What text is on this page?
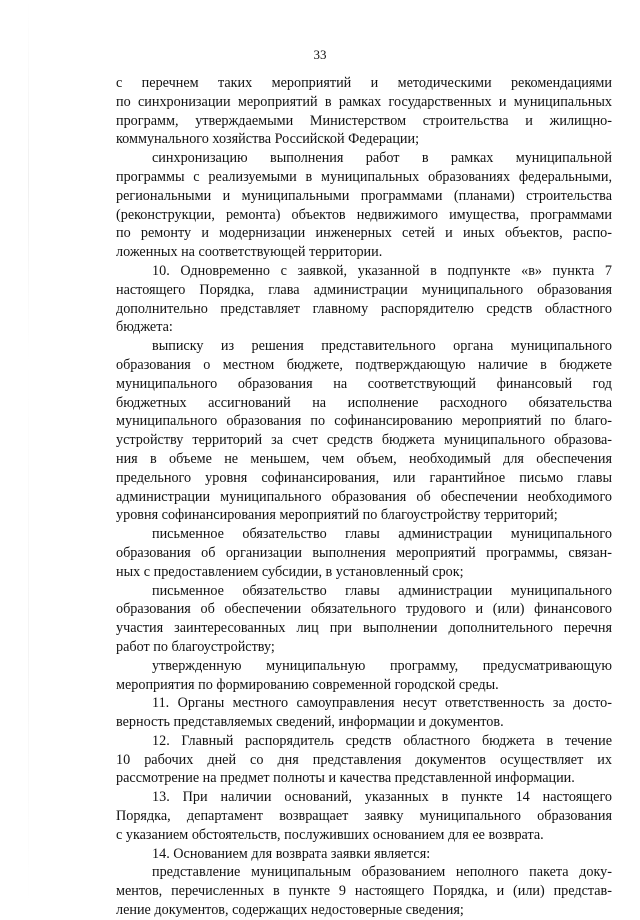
33
с перечнем таких мероприятий и методическими рекомендациями
по синхронизации мероприятий в рамках государственных и муниципальных
программ, утверждаемыми Министерством строительства и жилищно-
коммунального хозяйства Российской Федерации;
синхронизацию выполнения работ в рамках муниципальной
программы с реализуемыми в муниципальных образованиях федеральными,
региональными и муниципальными программами (планами) строительства
(реконструкции, ремонта) объектов недвижимого имущества, программами
по ремонту и модернизации инженерных сетей и иных объектов, распо-
ложенных на соответствующей территории.
10. Одновременно с заявкой, указанной в подпункте «в» пункта 7
настоящего Порядка, глава администрации муниципального образования
дополнительно представляет главному распорядителю средств областного
бюджета:
выписку из решения представительного органа муниципального
образования о местном бюджете, подтверждающую наличие в бюджете
муниципального образования на соответствующий финансовый год
бюджетных ассигнований на исполнение расходного обязательства
муниципального образования по софинансированию мероприятий по благо-
устройству территорий за счет средств бюджета муниципального образова-
ния в объеме не меньшем, чем объем, необходимый для обеспечения
предельного уровня софинансирования, или гарантийное письмо главы
администрации муниципального образования об обеспечении необходимого
уровня софинансирования мероприятий по благоустройству территорий;
письменное обязательство главы администрации муниципального
образования об организации выполнения мероприятий программы, связан-
ных с предоставлением субсидии, в установленный срок;
письменное обязательство главы администрации муниципального
образования об обеспечении обязательного трудового и (или) финансового
участия заинтересованных лиц при выполнении дополнительного перечня
работ по благоустройству;
утвержденную муниципальную программу, предусматривающую
мероприятия по формированию современной городской среды.
11. Органы местного самоуправления несут ответственность за досто-
верность представляемых сведений, информации и документов.
12. Главный распорядитель средств областного бюджета в течение
10 рабочих дней со дня представления документов осуществляет их
рассмотрение на предмет полноты и качества представленной информации.
13. При наличии оснований, указанных в пункте 14 настоящего
Порядка, департамент возвращает заявку муниципального образования
с указанием обстоятельств, послуживших основанием для ее возврата.
14. Основанием для возврата заявки является:
представление муниципальным образованием неполного пакета доку-
ментов, перечисленных в пункте 9 настоящего Порядка, и (или) представ-
ление документов, содержащих недостоверные сведения;
